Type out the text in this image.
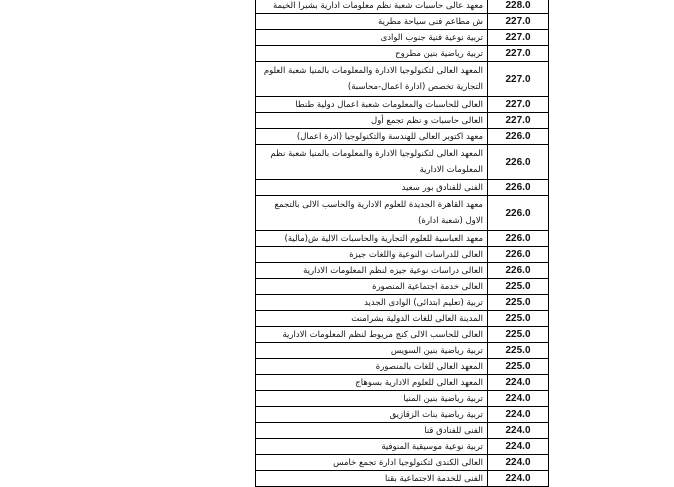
معهد عالى حاسبات شعبة نظم معلومات ادارية بشبرا الخيمة	228.0
ش مطاعم فنى سياحة مطرية	227.0
تربية نوعية فنية جنوب الوادى	227.0
تربية رياضية بنين مطروح	227.0
المعهد العالى لتكنولوجيا الادارة والمعلومات بالمنيا شعبة العلوم التجارية تخصص (ادارة اعمال-محاسبة)	227.0
العالى للحاسبات والمعلومات شعبة اعمال دولية طنطا	227.0
العالى حاسبات و نظم تجمع أول	227.0
معهد اكتوبر العالى للهندسة والتكنولوجيا (ادرة اعمال)	226.0
المعهد العالى لتكنولوجيا الادارة والمعلومات بالمنيا شعبة نظم المعلومات الادارية	226.0
الفنى للفنادق بور سعيد	226.0
معهد القاهرة الجديدة للعلوم الادارية والحاسب الالى بالتجمع الاول (شعبة ادارة)	226.0
معهد العباسية للعلوم التجارية والحاسبات الالية ش(مالية)	226.0
العالى للدراسات النوعية واللغات جيزة	226.0
العالى دراسات نوعية جيزه لنظم المعلومات الادارية	226.0
العالى خدمة اجتماعية المنصورة	225.0
تربية (تعليم ابتدائى) الوادى الجديد	225.0
المدينة العالى للغات الدولية بشرامنت	225.0
العالى للحاسب الالى كنج مريوط لنظم المعلومات الادارية	225.0
تربية رياضية بنين السويس	225.0
المعهد العالى للغات بالمنصورة	225.0
المعهد العالى للعلوم الادارية بسوهاج	224.0
تربية رياضية بنين المنيا	224.0
تربية رياضية بنات الزقازيق	224.0
الفنى للفنادق قنا	224.0
تربية نوعية موسيقية المنوفية	224.0
العالى الكندى لتكنولوجيا ادارة تجمع خامس	224.0
الفنى للخدمة الاجتماعية بقنا	224.0
